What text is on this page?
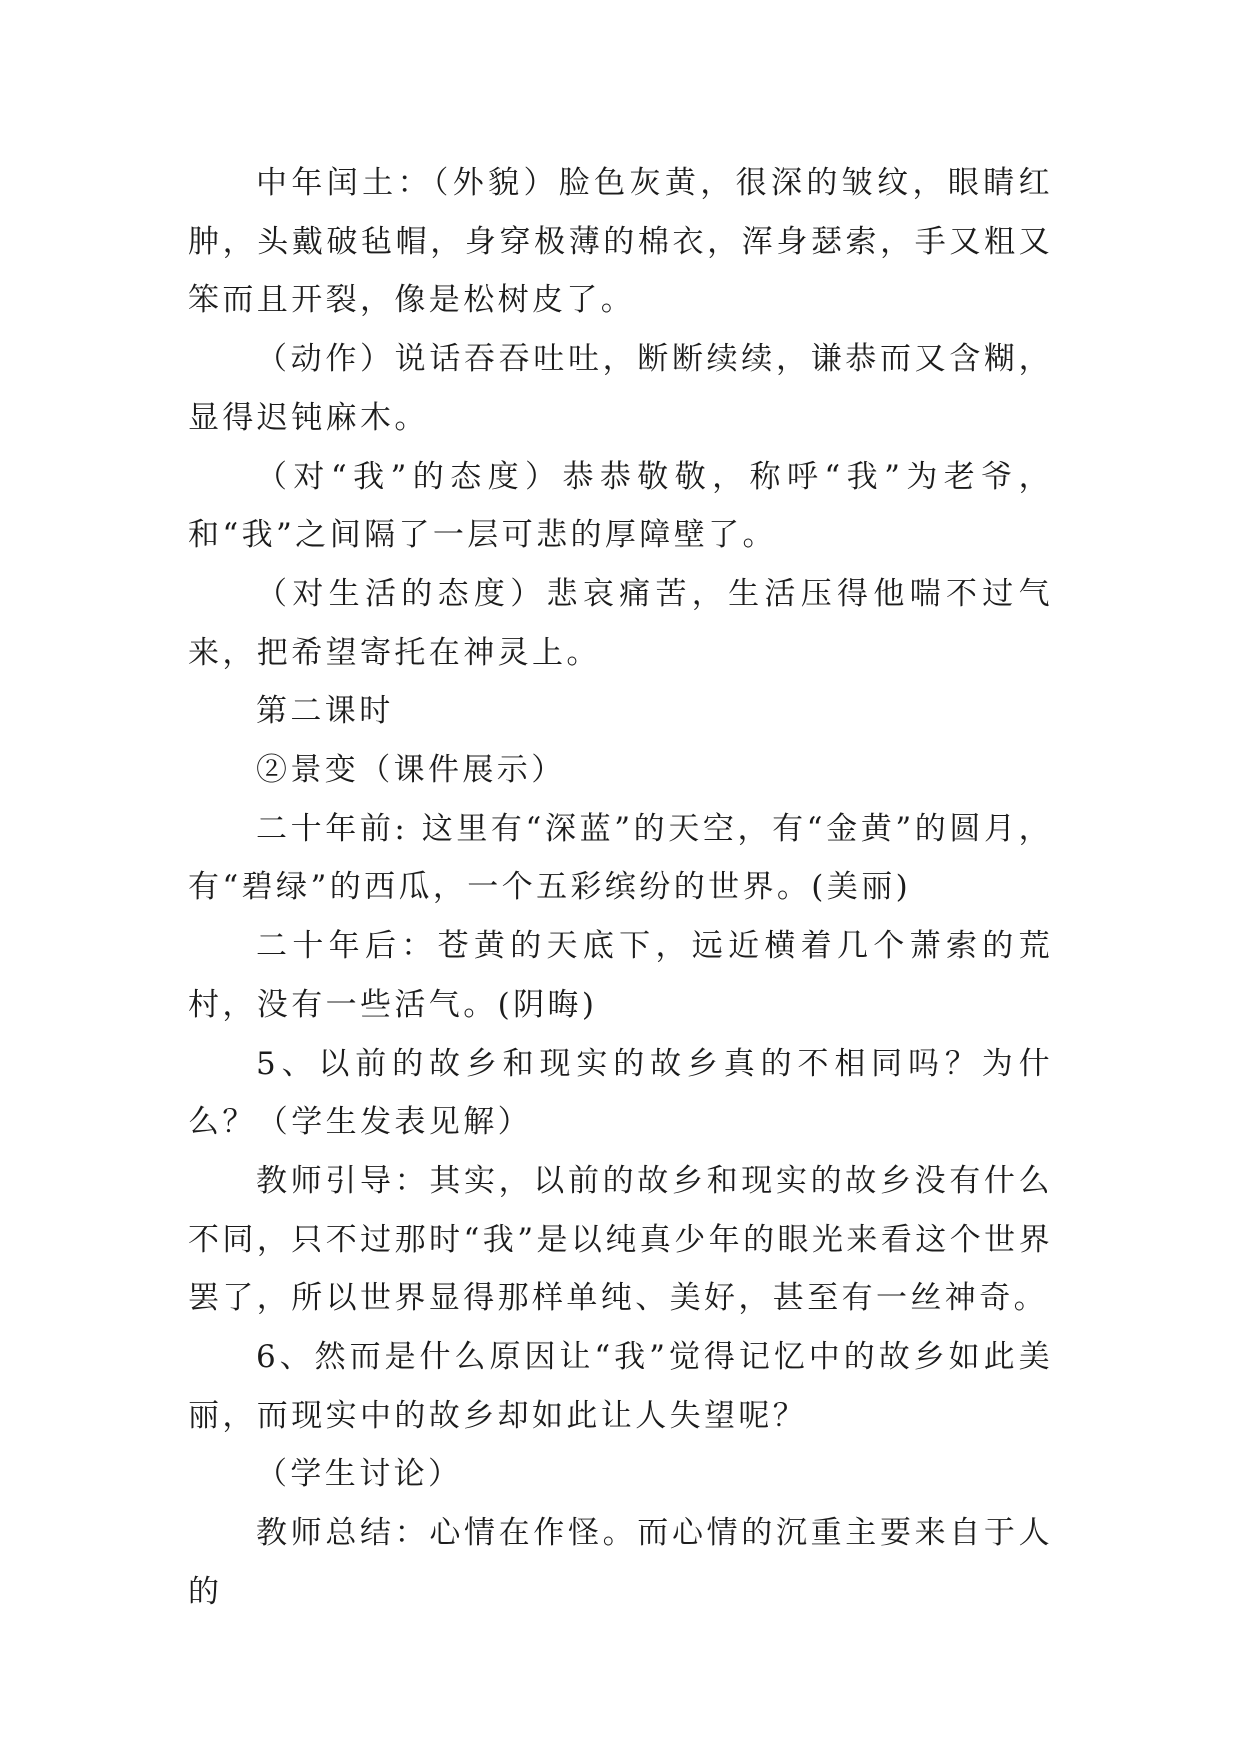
中年闰土：（外貌）脸色灰黄，很深的皱纹，眼睛红肿，头戴破毡帽，身穿极薄的棉衣，浑身瑟索，手又粗又笨而且开裂，像是松树皮了。

（动作）说话吞吞吐吐，断断续续，谦恭而又含糊，显得迟钝麻木。

（对“我”的态度）恭恭敬敬，称呼“我”为老爷，和“我”之间隔了一层可悲的厚障壁了。

（对生活的态度）悲哀痛苦，生活压得他喘不过气来，把希望寄托在神灵上。

第二课时

②景变（课件展示）

二十年前: 这里有“深蓝”的天空，有“金黄”的圆月，有“碧绿”的西瓜，一个五彩缤纷的世界。(美丽)

二十年后：苍黄的天底下，远近横着几个萧索的荒村，没有一些活气。(阴晦)

5、以前的故乡和现实的故乡真的不相同吗？为什么？（学生发表见解）

教师引导：其实，以前的故乡和现实的故乡没有什么不同，只不过那时“我”是以纯真少年的眼光来看这个世界罢了，所以世界显得那样单纯、美好，甚至有一丝神奇。

6、然而是什么原因让“我”觉得记忆中的故乡如此美丽，而现实中的故乡却如此让人失望呢？

（学生讨论）

教师总结：心情在作怪。而心情的沉重主要来自于人的
